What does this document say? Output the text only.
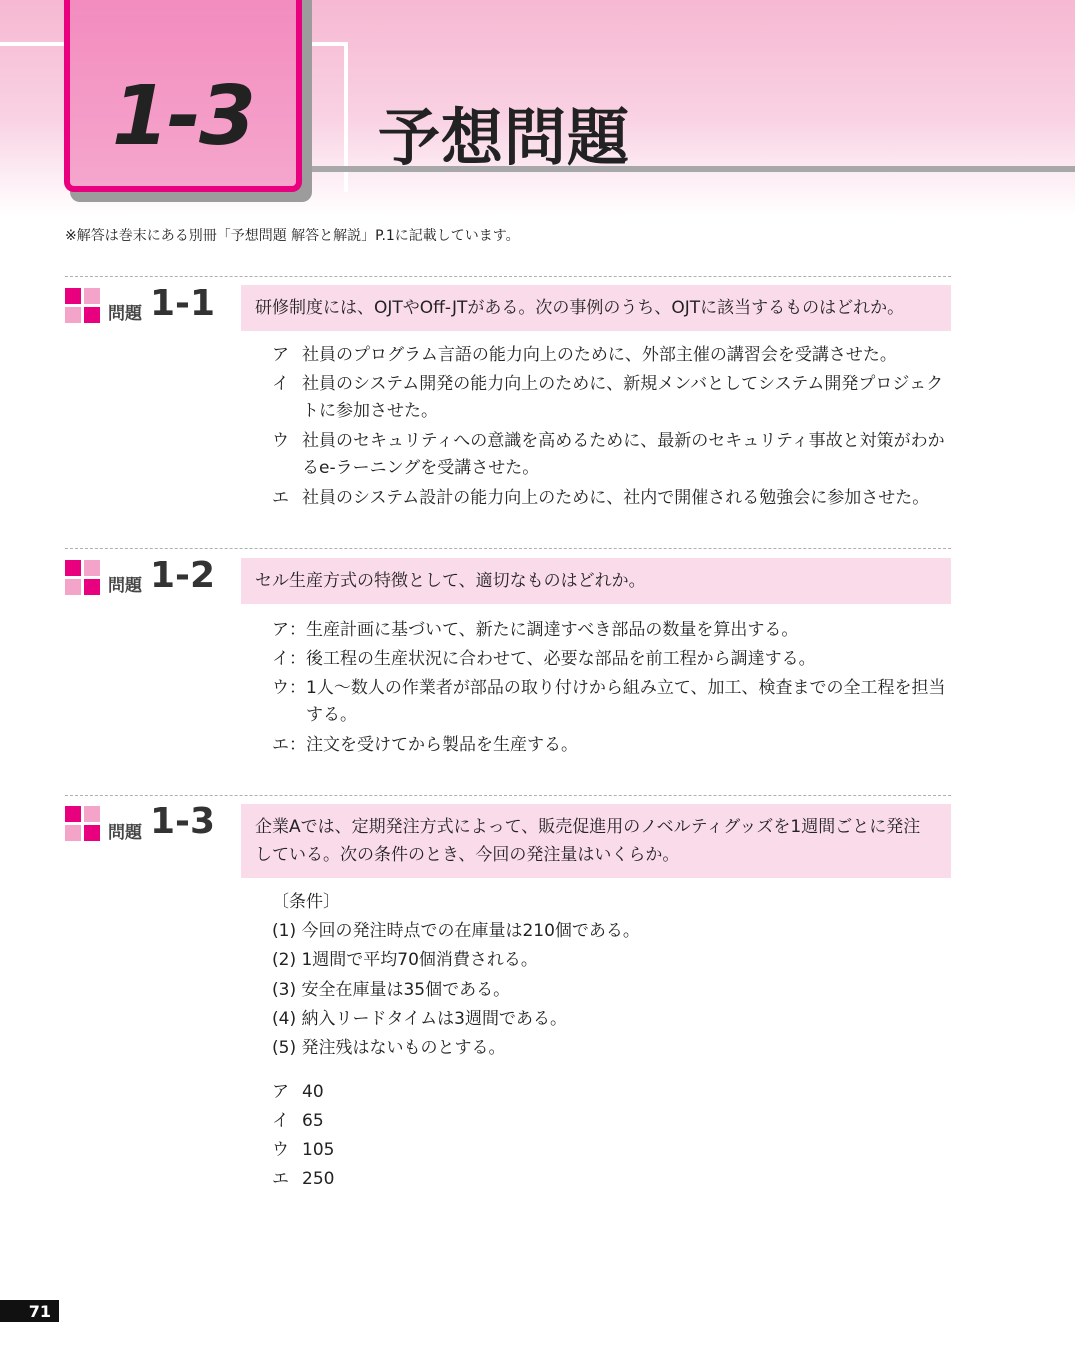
1-3 予想問題
※解答は巻末にある別冊「予想問題 解答と解説」P.1に記載しています。
問題 1-1	研修制度には、OJTやOff-JTがある。次の事例のうち、OJTに該当するものはどれか。
ア 社員のプログラム言語の能力向上のために、外部主催の講習会を受講させた。
イ 社員のシステム開発の能力向上のために、新規メンバとしてシステム開発プロジェクトに参加させた。
ウ 社員のセキュリティへの意識を高めるために、最新のセキュリティ事故と対策がわかるe-ラーニングを受講させた。
エ 社員のシステム設計の能力向上のために、社内で開催される勉強会に参加させた。
問題 1-2	セル生産方式の特徴として、適切なものはどれか。
ア： 生産計画に基づいて、新たに調達すべき部品の数量を算出する。
イ： 後工程の生産状況に合わせて、必要な部品を前工程から調達する。
ウ： 1人～数人の作業者が部品の取り付けから組み立て、加工、検査までの全工程を担当する。
エ： 注文を受けてから製品を生産する。
問題 1-3	企業Aでは、定期発注方式によって、販売促進用のノベルティグッズを1週間ごとに発注している。次の条件のとき、今回の発注量はいくらか。
〔条件〕
(1) 今回の発注時点での在庫量は210個である。
(2) 1週間で平均70個消費される。
(3) 安全在庫量は35個である。
(4) 納入リードタイムは3週間である。
(5) 発注残はないものとする。
ア 40
イ 65
ウ 105
エ 250
71
